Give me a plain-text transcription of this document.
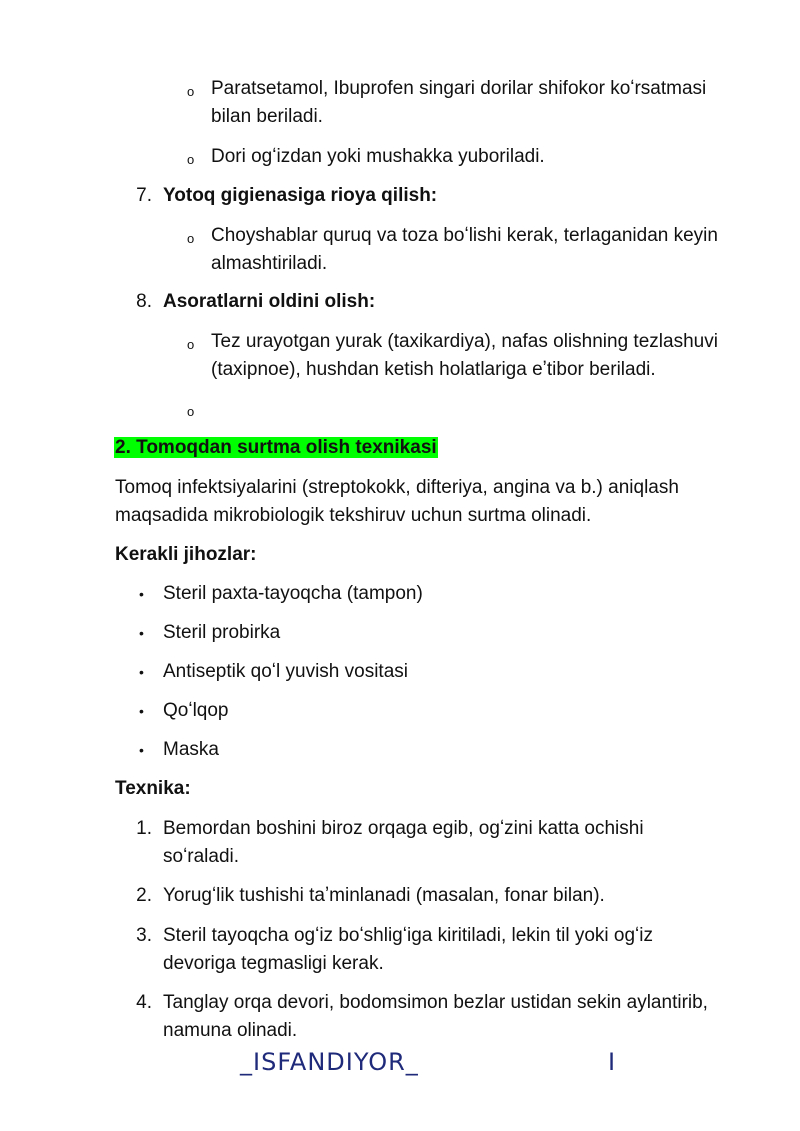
o Paratsetamol, Ibuprofen singari dorilar shifokor koʻrsatmasi
bilan beriladi.
o Dori ogʻizdan yoki mushakka yuboriladi.
7. Yotoq gigienasiga rioya qilish:
o Choyshablar quruq va toza boʻlishi kerak, terlaganidan keyin
almashtiriladi.
8. Asoratlarni oldini olish:
o Tez urayotgan yurak (taxikardiya), nafas olishning tezlashuvi
(taxipnoe), hushdan ketish holatlariga eʼtibor beriladi.
o
2. Tomoqdan surtma olish texnikasi
Tomoq infektsiyalarini (streptokokk, difteriya, angina va b.) aniqlash
maqsadida mikrobiologik tekshiruv uchun surtma olinadi.
Kerakli jihozlar:
• Steril paxta-tayoqcha (tampon)
• Steril probirka
• Antiseptik qoʻl yuvish vositasi
• Qoʻlqop
• Maska
Texnika:
1. Bemordan boshini biroz orqaga egib, ogʻzini katta ochishi
soʻraladi.
2. Yorugʻlik tushishi taʼminlanadi (masalan, fonar bilan).
3. Steril tayoqcha ogʻiz boʻshligʻiga kiritiladi, lekin til yoki ogʻiz
devoriga tegmasligi kerak.
4. Tanglay orqa devori, bodomsimon bezlar ustidan sekin aylantirib,
namuna olinadi.
_ISFANDIYOR_	I
